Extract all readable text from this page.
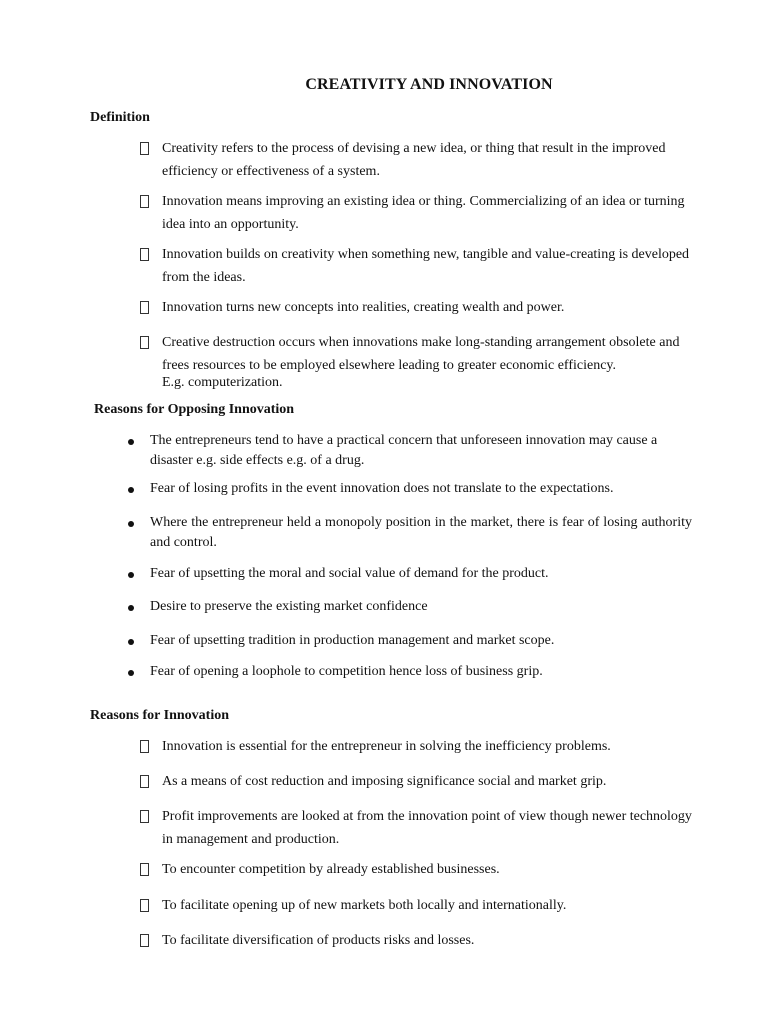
CREATIVITY AND INNOVATION
Definition
Creativity refers to the process of devising a new idea, or thing that result in the improved efficiency or effectiveness of a system.
Innovation means improving an existing idea or thing. Commercializing of an idea or turning idea into an opportunity.
Innovation builds on creativity when something new, tangible and value-creating is developed from the ideas.
Innovation turns new concepts into realities, creating wealth and power.
Creative destruction occurs when innovations make long-standing arrangement obsolete and frees resources to be employed elsewhere leading to greater economic efficiency.
E.g. computerization.
Reasons for Opposing Innovation
The entrepreneurs tend to have a practical concern that unforeseen innovation may cause a disaster e.g. side effects e.g. of a drug.
Fear of losing profits in the event innovation does not translate to the expectations.
Where the entrepreneur held a monopoly position in the market, there is fear of losing authority and control.
Fear of upsetting the moral and social value of demand for the product.
Desire to preserve the existing market confidence
Fear of upsetting tradition in production management and market scope.
Fear of opening a loophole to competition hence loss of business grip.
Reasons for Innovation
Innovation is essential for the entrepreneur in solving the inefficiency problems.
As a means of cost reduction and imposing significance social and market grip.
Profit improvements are looked at from the innovation point of view though newer technology in management and production.
To encounter competition by already established businesses.
To facilitate opening up of new markets both locally and internationally.
To facilitate diversification of products risks and losses.
